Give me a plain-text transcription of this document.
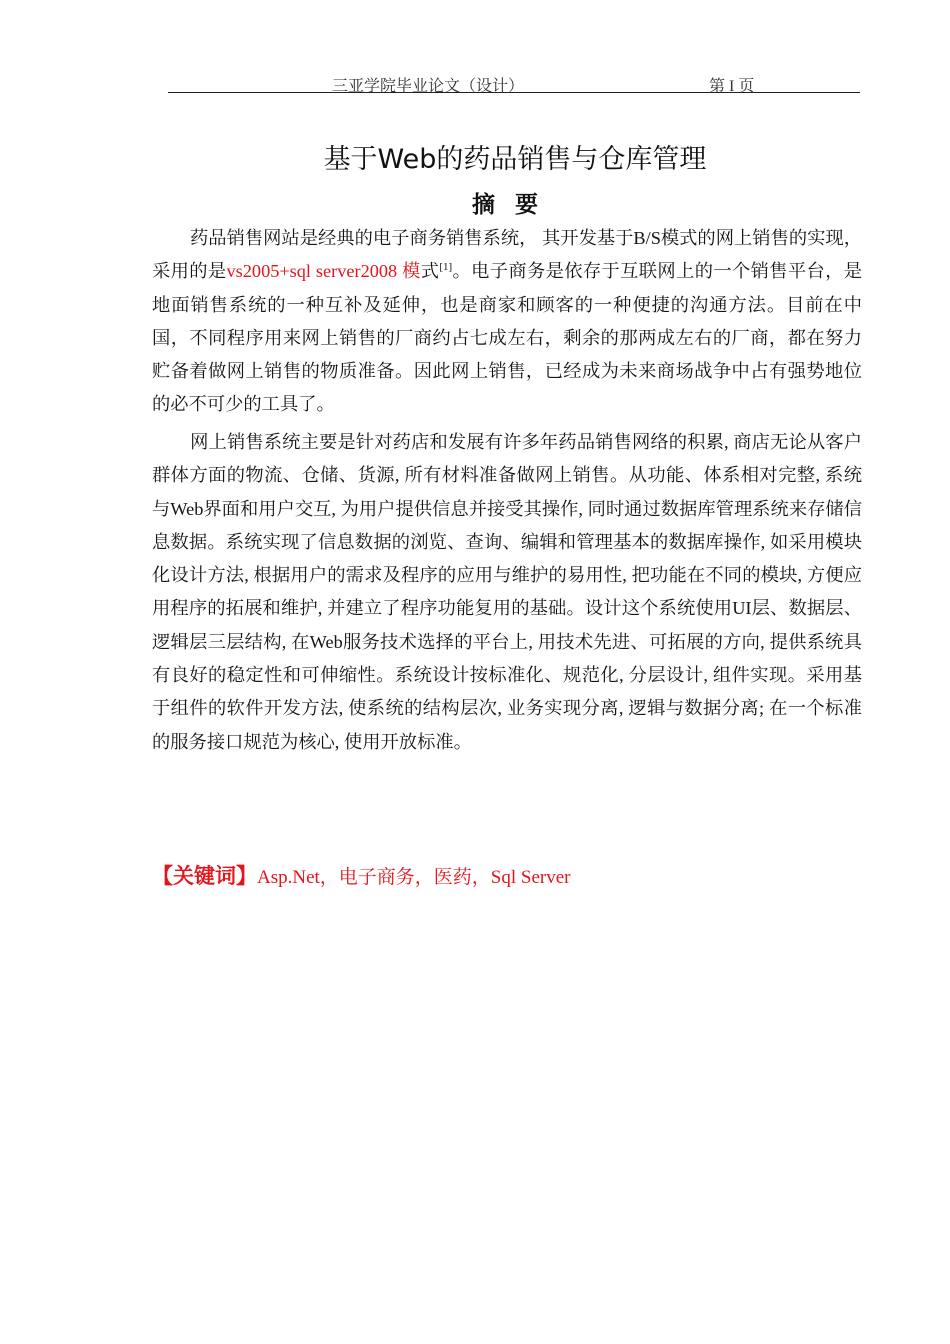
三亚学院毕业论文（设计）	第 I 页
基于Web的药品销售与仓库管理
摘 要
药品销售网站是经典的电子商务销售系统， 其开发基于B/S模式的网上销售的实现，采用的是vs2005+sql server2008 模式[1]。电子商务是依存于互联网上的一个销售平台，是地面销售系统的一种互补及延伸，也是商家和顾客的一种便捷的沟通方法。目前在中国，不同程序用来网上销售的厂商约占七成左右，剩余的那两成左右的厂商，都在努力贮备着做网上销售的物质准备。因此网上销售，已经成为未来商场战争中占有强势地位的必不可少的工具了。
网上销售系统主要是针对药店和发展有许多年药品销售网络的积累, 商店无论从客户群体方面的物流、仓储、货源, 所有材料准备做网上销售。从功能、体系相对完整, 系统与Web界面和用户交互, 为用户提供信息并接受其操作, 同时通过数据库管理系统来存储信息数据。系统实现了信息数据的浏览、查询、编辑和管理基本的数据库操作, 如采用模块化设计方法, 根据用户的需求及程序的应用与维护的易用性, 把功能在不同的模块, 方便应用程序的拓展和维护, 并建立了程序功能复用的基础。设计这个系统使用UI层、数据层、逻辑层三层结构, 在Web服务技术选择的平台上, 用技术先进、可拓展的方向, 提供系统具有良好的稳定性和可伸缩性。系统设计按标准化、规范化, 分层设计, 组件实现。采用基于组件的软件开发方法, 使系统的结构层次, 业务实现分离, 逻辑与数据分离; 在一个标准的服务接口规范为核心, 使用开放标准。
【关键词】Asp.Net，电子商务，医药，Sql Server
